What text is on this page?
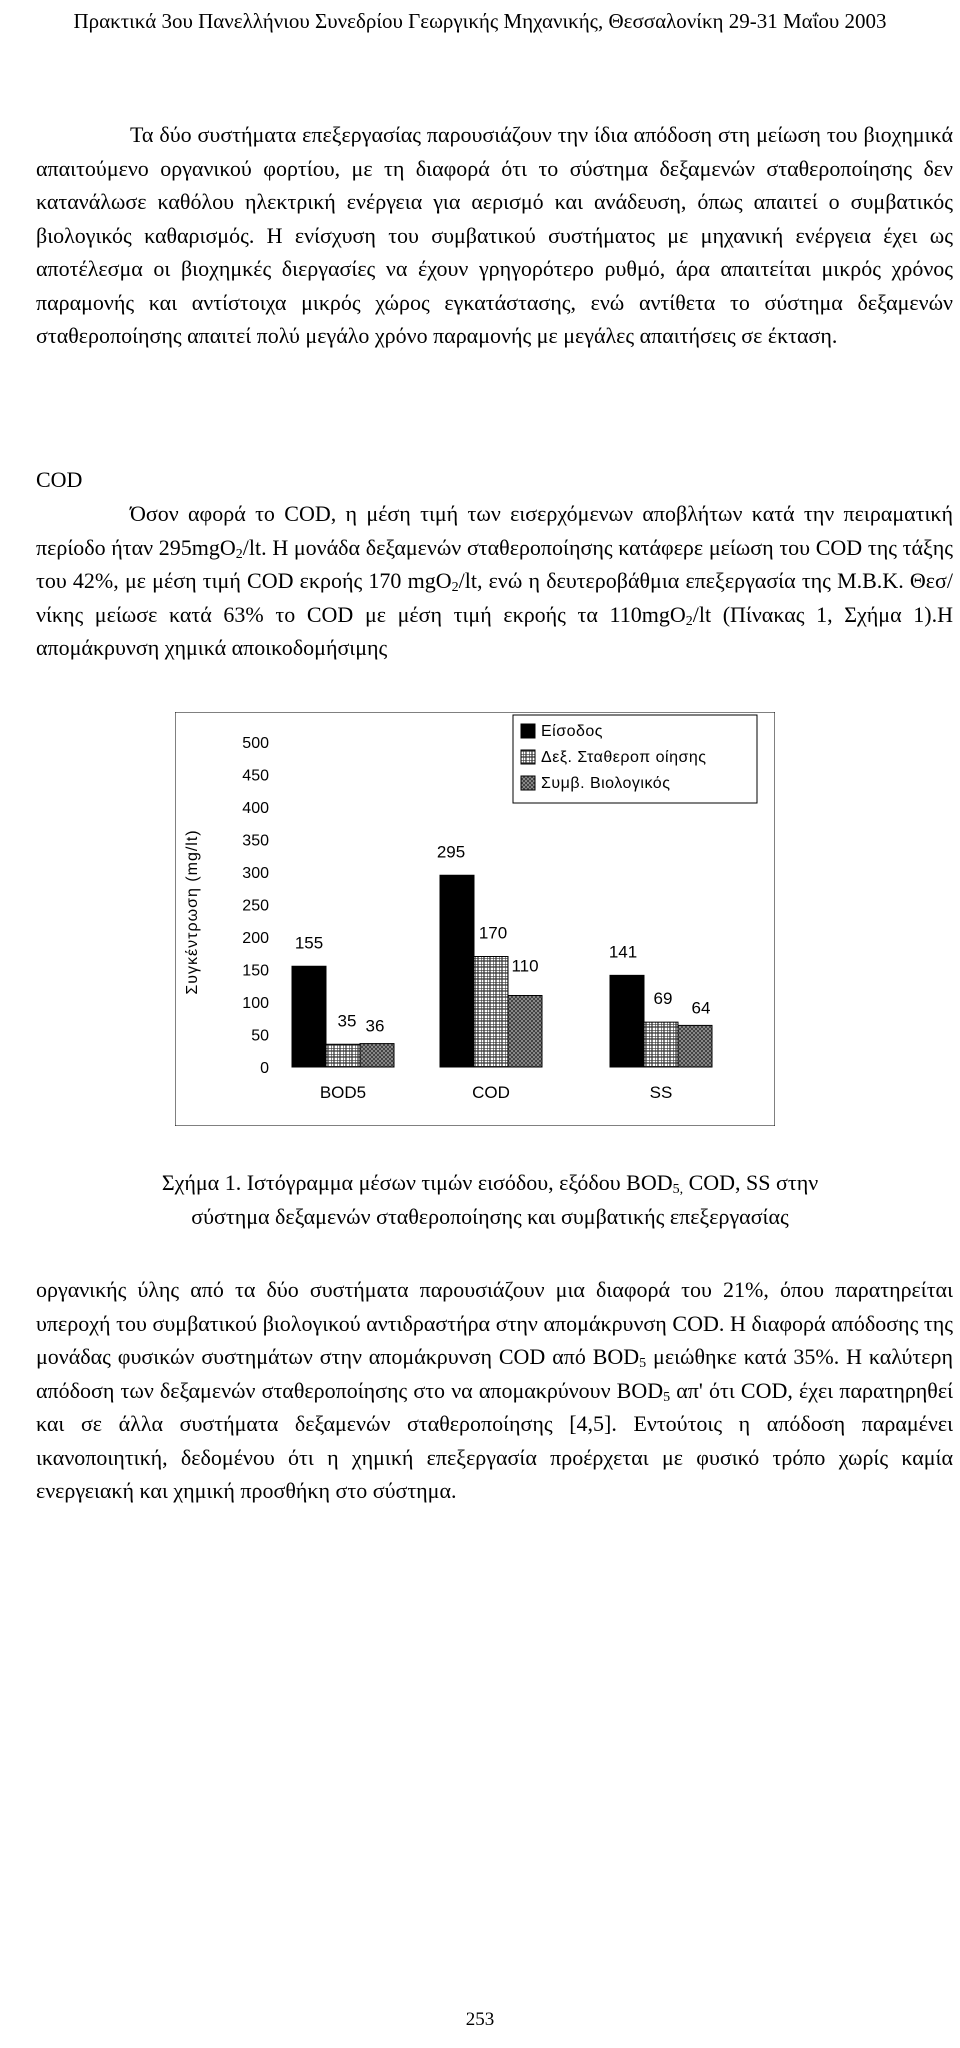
Πρακτικά 3ου Πανελλήνιου Συνεδρίου Γεωργικής Μηχανικής, Θεσσαλονίκη 29-31 Μαΐου 2003

Τα δύο συστήματα επεξεργασίας παρουσιάζουν την ίδια απόδοση στη μείωση του βιοχημικά απαιτούμενο οργανικού φορτίου, με τη διαφορά ότι το σύστημα δεξαμενών σταθεροποίησης δεν κατανάλωσε καθόλου ηλεκτρική ενέργεια για αερισμό και ανάδευση, όπως απαιτεί ο συμβατικός βιολογικός καθαρισμός. Η ενίσχυση του συμβατικού συστήματος με μηχανική ενέργεια έχει ως αποτέλεσμα οι βιοχημκές διεργασίες να έχουν γρηγορότερο ρυθμό, άρα απαιτείται μικρός χρόνος παραμονής και αντίστοιχα μικρός χώρος εγκατάστασης, ενώ αντίθετα το σύστημα δεξαμενών σταθεροποίησης απαιτεί πολύ μεγάλο χρόνο παραμονής με μεγάλες απαιτήσεις σε έκταση.

COD

Όσον αφορά το COD, η μέση τιμή των εισερχόμενων αποβλήτων κατά την πειραματική περίοδο ήταν 295mgO$_2$/lt. Η μονάδα δεξαμενών σταθεροποίησης κατάφερε μείωση του COD της τάξης του 42%, με μέση τιμή COD εκροής 170 mgO$_2$/lt, ενώ η δευτεροβάθμια επεξεργασία της Μ.Β.Κ. Θεσ/νίκης μείωσε κατά 63% το COD με μέση τιμή εκροής τα 110mgO$_2$/lt (Πίνακας 1, Σχήμα 1).Η απομάκρυνση χημικά αποικοδομήσιμης

Συγκέντρωση (mg/lt)
500
450
400
350
300
250
200
150
100
50
0
155
295
141
35
170
69
36
110
64
BOD5	COD	SS
Είσοδος
Δεξ. Σταθεροπ οίησης
Συμβ. Βιολογικός
Σχήμα 1. Ιστόγραμμα μέσων τιμών εισόδου, εξόδου $BOD_{5,}$ COD, SS στην
σύστημα δεξαμενών σταθεροποίησης και συμβατικής επεξεργασίας

οργανικής ύλης από τα δύο συστήματα παρουσιάζουν μια διαφορά του 21%, όπου παρατηρείται υπεροχή του συμβατικού βιολογικού αντιδραστήρα στην απομάκρυνση COD. Η διαφορά απόδοσης της μονάδας φυσικών συστημάτων στην απομάκρυνση COD από $BOD_5$ μειώθηκε κατά 35%. Η καλύτερη απόδοση των δεξαμενών σταθεροποίησης στο να απομακρύνουν $BOD_5$ απ' ότι COD, έχει παρατηρηθεί και σε άλλα συστήματα δεξαμενών σταθεροποίησης [4,5]. Εντούτοις η απόδοση παραμένει ικανοποιητική, δεδομένου ότι η χημική επεξεργασία προέρχεται με φυσικό τρόπο χωρίς καμία ενεργειακή και χημική προσθήκη στο σύστημα.

253
